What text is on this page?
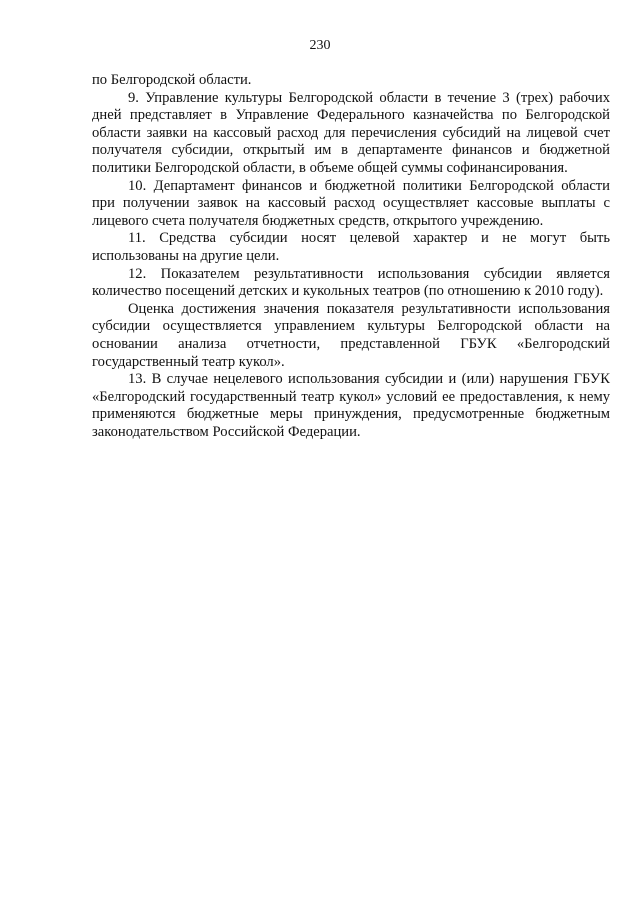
230

по Белгородской области.

9. Управление культуры Белгородской области в течение 3 (трех) рабочих дней представляет в Управление Федерального казначейства по Белгородской области заявки на кассовый расход для перечисления субсидий на лицевой счет получателя субсидии, открытый им в департаменте финансов и бюджетной политики Белгородской области, в объеме общей суммы софинансирования.

10. Департамент финансов и бюджетной политики Белгородской области при получении заявок на кассовый расход осуществляет кассовые выплаты с лицевого счета получателя бюджетных средств, открытого учреждению.

11. Средства субсидии носят целевой характер и не могут быть использованы на другие цели.

12. Показателем результативности использования субсидии является количество посещений детских и кукольных театров (по отношению к 2010 году).

Оценка достижения значения показателя результативности использования субсидии осуществляется управлением культуры Белгородской области на основании анализа отчетности, представленной ГБУК «Белгородский государственный театр кукол».

13. В случае нецелевого использования субсидии и (или) нарушения ГБУК «Белгородский государственный театр кукол» условий ее предоставления, к нему применяются бюджетные меры принуждения, предусмотренные бюджетным законодательством Российской Федерации.
